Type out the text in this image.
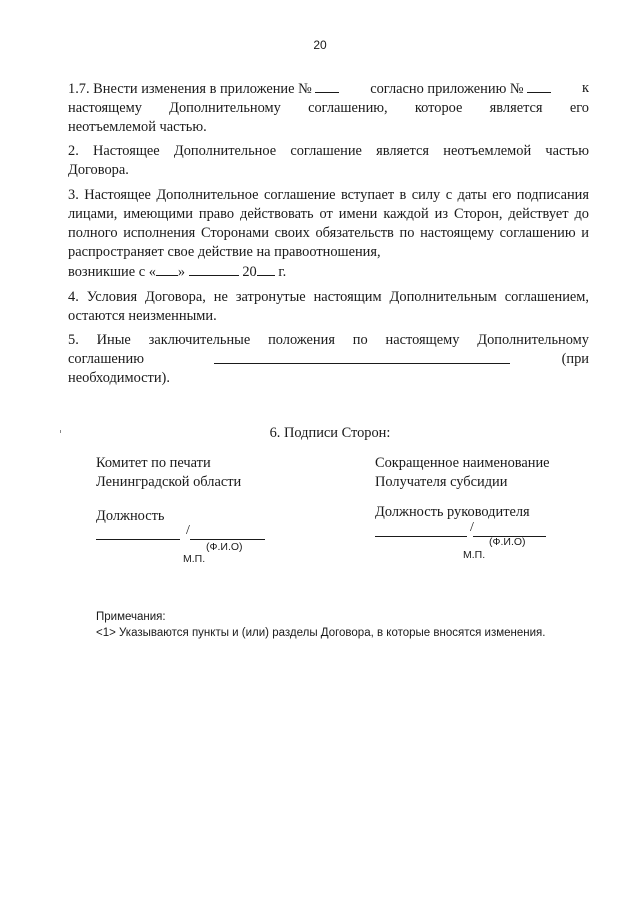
20
1.7. Внести изменения в приложение №	согласно приложению №	к
настоящему Дополнительному соглашению, которое является его
неотъемлемой частью.
2. Настоящее Дополнительное соглашение является неотъемлемой частью Договора.
3. Настоящее Дополнительное соглашение вступает в силу с даты его подписания лицами, имеющими право действовать от имени каждой из Сторон, действует до полного исполнения Сторонами своих обязательств по настоящему соглашению и распространяет свое действие на правоотношения,
возникшие с « »	20 г.
4. Условия Договора, не затронутые настоящим Дополнительным соглашением, остаются неизменными.
5. Иные заключительные положения по настоящему Дополнительному
соглашению	(при
необходимости).
6. Подписи Сторон:
Комитет по печати
Ленинградской области
Должность
/
(Ф.И.О)
М.П.
Сокращенное наименование
Получателя субсидии
Должность руководителя
/
(Ф.И.О)
М.П.
Примечания:
<1> Указываются пункты и (или) разделы Договора, в которые вносятся изменения.
